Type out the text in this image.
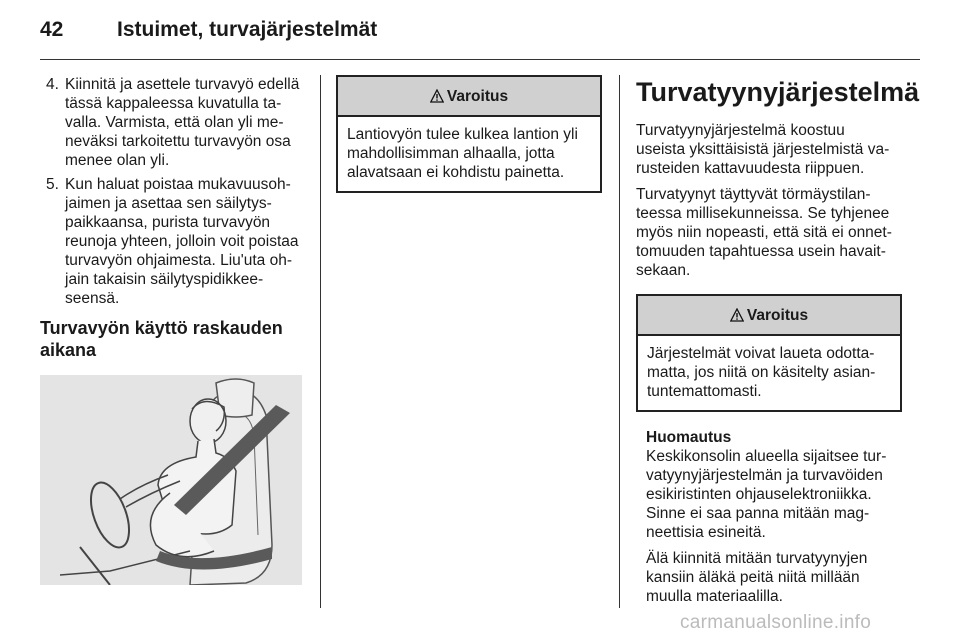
42	Istuimet, turvajärjestelmät
4. Kiinnitä ja asettele turvavyö edellä
tässä kappaleessa kuvatulla ta-
valla. Varmista, että olan yli me-
neväksi tarkoitettu turvavyön osa
menee olan yli.
5. Kun haluat poistaa mukavuusoh-
jaimen ja asettaa sen säilytys-
paikkaansa, purista turvavyön
reunoja yhteen, jolloin voit poistaa
turvavyön ohjaimesta. Liu'uta oh-
jain takaisin säilytyspidikkee-
seensä.
Turvavyön käyttö raskauden
aikana
Varoitus
Lantiovyön tulee kulkea lantion yli
mahdollisimman alhaalla, jotta
alavatsaan ei kohdistu painetta.
Turvatyynyjärjestelmä
Turvatyynyjärjestelmä koostuu
useista yksittäisistä järjestelmistä va-
rusteiden kattavuudesta riippuen.
Turvatyynyt täyttyvät törmäystilan-
teessa millisekunneissa. Se tyhjenee
myös niin nopeasti, että sitä ei onnet-
tomuuden tapahtuessa usein havait-
sekaan.
Varoitus
Järjestelmät voivat laueta odotta-
matta, jos niitä on käsitelty asian-
tuntemattomasti.
Huomautus
Keskikonsolin alueella sijaitsee tur-
vatyynyjärjestelmän ja turvavöiden
esikiristinten ohjauselektroniikka.
Sinne ei saa panna mitään mag-
neettisia esineitä.
Älä kiinnitä mitään turvatyynyjen
kansiin äläkä peitä niitä millään
muulla materiaalilla.
carmanualsonline.info
